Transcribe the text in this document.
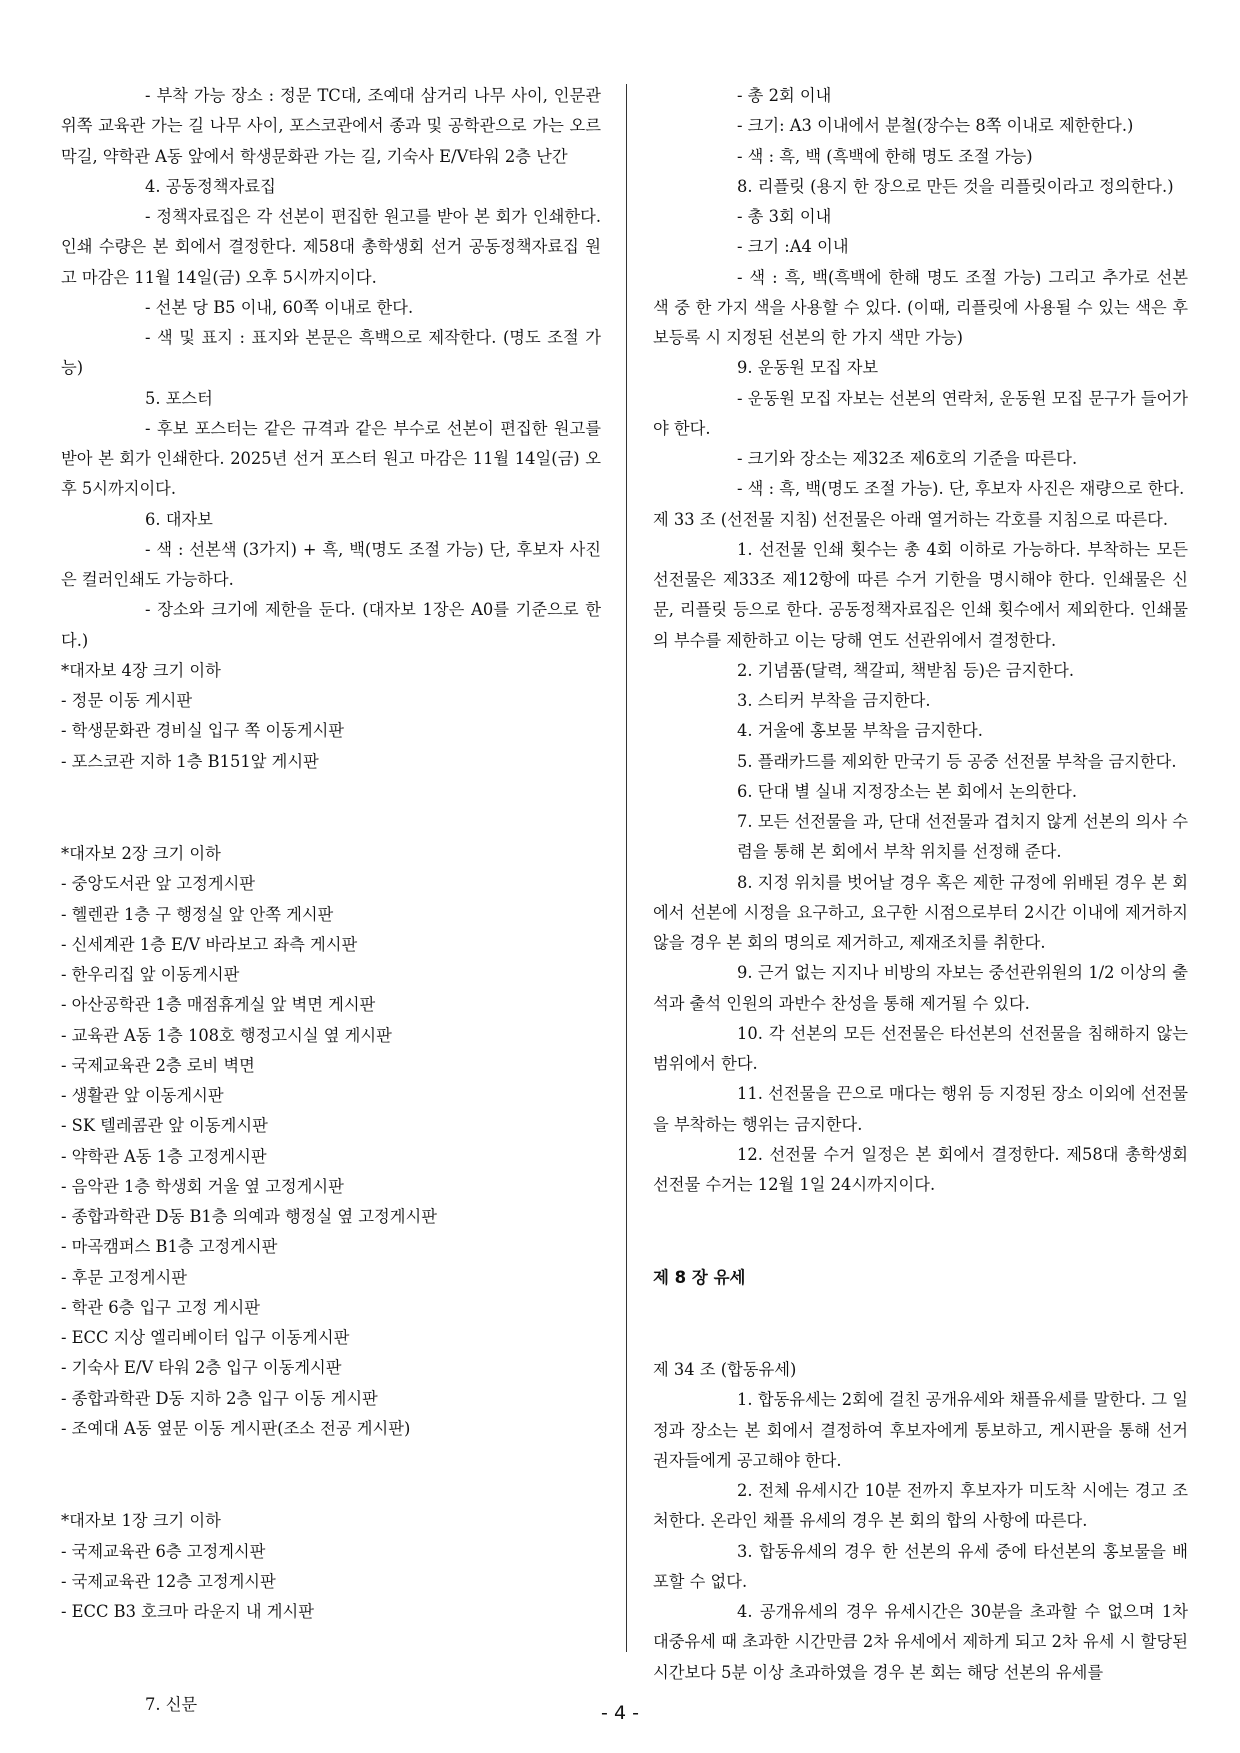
- 부착 가능 장소 : 정문 TC대, 조예대 삼거리 나무 사이, 인문관 위쪽 교육관 가는 길 나무 사이, 포스코관에서 종과 및 공학관으로 가는 오르막길, 약학관 A동 앞에서 학생문화관 가는 길, 기숙사 E/V타워 2층 난간

4. 공동정책자료집

- 정책자료집은 각 선본이 편집한 원고를 받아 본 회가 인쇄한다. 인쇄 수량은 본 회에서 결정한다. 제58대 총학생회 선거 공동정책자료집 원고 마감은 11월 14일(금) 오후 5시까지이다.

- 선본 당 B5 이내, 60쪽 이내로 한다.

- 색 및 표지 : 표지와 본문은 흑백으로 제작한다. (명도 조절 가능)

5. 포스터

- 후보 포스터는 같은 규격과 같은 부수로 선본이 편집한 원고를 받아 본 회가 인쇄한다. 2025년 선거 포스터 원고 마감은 11월 14일(금) 오후 5시까지이다.

6. 대자보

- 색 : 선본색 (3가지) + 흑, 백(명도 조절 가능) 단, 후보자 사진은 컬러인쇄도 가능하다.

- 장소와 크기에 제한을 둔다. (대자보 1장은 A0를 기준으로 한다.)

*대자보 4장 크기 이하

- 정문 이동 게시판

- 학생문화관 경비실 입구 쪽 이동게시판

- 포스코관 지하 1층 B151앞 게시판

*대자보 2장 크기 이하

- 중앙도서관 앞 고정게시판

- 헬렌관 1층 구 행정실 앞 안쪽 게시판

- 신세계관 1층 E/V 바라보고 좌측 게시판

- 한우리집 앞 이동게시판

- 아산공학관 1층 매점휴게실 앞 벽면 게시판

- 교육관 A동 1층 108호 행정고시실 옆 게시판

- 국제교육관 2층 로비 벽면

- 생활관 앞 이동게시판

- SK 텔레콤관 앞 이동게시판

- 약학관 A동 1층 고정게시판

- 음악관 1층 학생회 거울 옆 고정게시판

- 종합과학관 D동 B1층 의예과 행정실 옆 고정게시판

- 마곡캠퍼스 B1층 고정게시판

- 후문 고정게시판

- 학관 6층 입구 고정 게시판

- ECC 지상 엘리베이터 입구 이동게시판

- 기숙사 E/V 타워 2층 입구 이동게시판

- 종합과학관 D동 지하 2층 입구 이동 게시판

- 조예대 A동 옆문 이동 게시판(조소 전공 게시판)

*대자보 1장 크기 이하

- 국제교육관 6층 고정게시판

- 국제교육관 12층 고정게시판

- ECC B3 호크마 라운지 내 게시판

7. 신문

- 총 2회 이내

- 크기: A3 이내에서 분철(장수는 8쪽 이내로 제한한다.)

- 색 : 흑, 백 (흑백에 한해 명도 조절 가능)

8. 리플릿 (용지 한 장으로 만든 것을 리플릿이라고 정의한다.)

- 총 3회 이내

- 크기 :A4 이내

- 색 : 흑, 백(흑백에 한해 명도 조절 가능) 그리고 추가로 선본 색 중 한 가지 색을 사용할 수 있다. (이때, 리플릿에 사용될 수 있는 색은 후보등록 시 지정된 선본의 한 가지 색만 가능)

9. 운동원 모집 자보

- 운동원 모집 자보는 선본의 연락처, 운동원 모집 문구가 들어가야 한다.

- 크기와 장소는 제32조 제6호의 기준을 따른다.

- 색 : 흑, 백(명도 조절 가능). 단, 후보자 사진은 재량으로 한다.

제 33 조 (선전물 지침) 선전물은 아래 열거하는 각호를 지침으로 따른다.

1. 선전물 인쇄 횟수는 총 4회 이하로 가능하다. 부착하는 모든 선전물은 제33조 제12항에 따른 수거 기한을 명시해야 한다. 인쇄물은 신문, 리플릿 등으로 한다. 공동정책자료집은 인쇄 횟수에서 제외한다. 인쇄물의 부수를 제한하고 이는 당해 연도 선관위에서 결정한다.

2. 기념품(달력, 책갈피, 책받침 등)은 금지한다.

3. 스티커 부착을 금지한다.

4. 거울에 홍보물 부착을 금지한다.

5. 플래카드를 제외한 만국기 등 공중 선전물 부착을 금지한다.

6. 단대 별 실내 지정장소는 본 회에서 논의한다.

7. 모든 선전물을 과, 단대 선전물과 겹치지 않게 선본의 의사 수렴을 통해 본 회에서 부착 위치를 선정해 준다.

8. 지정 위치를 벗어날 경우 혹은 제한 규정에 위배된 경우 본 회에서 선본에 시정을 요구하고, 요구한 시점으로부터 2시간 이내에 제거하지 않을 경우 본 회의 명의로 제거하고, 제재조치를 취한다.

9. 근거 없는 지지나 비방의 자보는 중선관위원의 1/2 이상의 출석과 출석 인원의 과반수 찬성을 통해 제거될 수 있다.

10. 각 선본의 모든 선전물은 타선본의 선전물을 침해하지 않는 범위에서 한다.

11. 선전물을 끈으로 매다는 행위 등 지정된 장소 이외에 선전물을 부착하는 행위는 금지한다.

12. 선전물 수거 일정은 본 회에서 결정한다. 제58대 총학생회 선전물 수거는 12월 1일 24시까지이다.

제 8 장 유세

제 34 조 (합동유세)

1. 합동유세는 2회에 걸친 공개유세와 채플유세를 말한다. 그 일정과 장소는 본 회에서 결정하여 후보자에게 통보하고, 게시판을 통해 선거권자들에게 공고해야 한다.

2. 전체 유세시간 10분 전까지 후보자가 미도착 시에는 경고 조처한다. 온라인 채플 유세의 경우 본 회의 합의 사항에 따른다.

3. 합동유세의 경우 한 선본의 유세 중에 타선본의 홍보물을 배포할 수 없다.

4. 공개유세의 경우 유세시간은 30분을 초과할 수 없으며 1차 대중유세 때 초과한 시간만큼 2차 유세에서 제하게 되고 2차 유세 시 할당된 시간보다 5분 이상 초과하였을 경우 본 회는 해당 선본의 유세를

- 4 -
